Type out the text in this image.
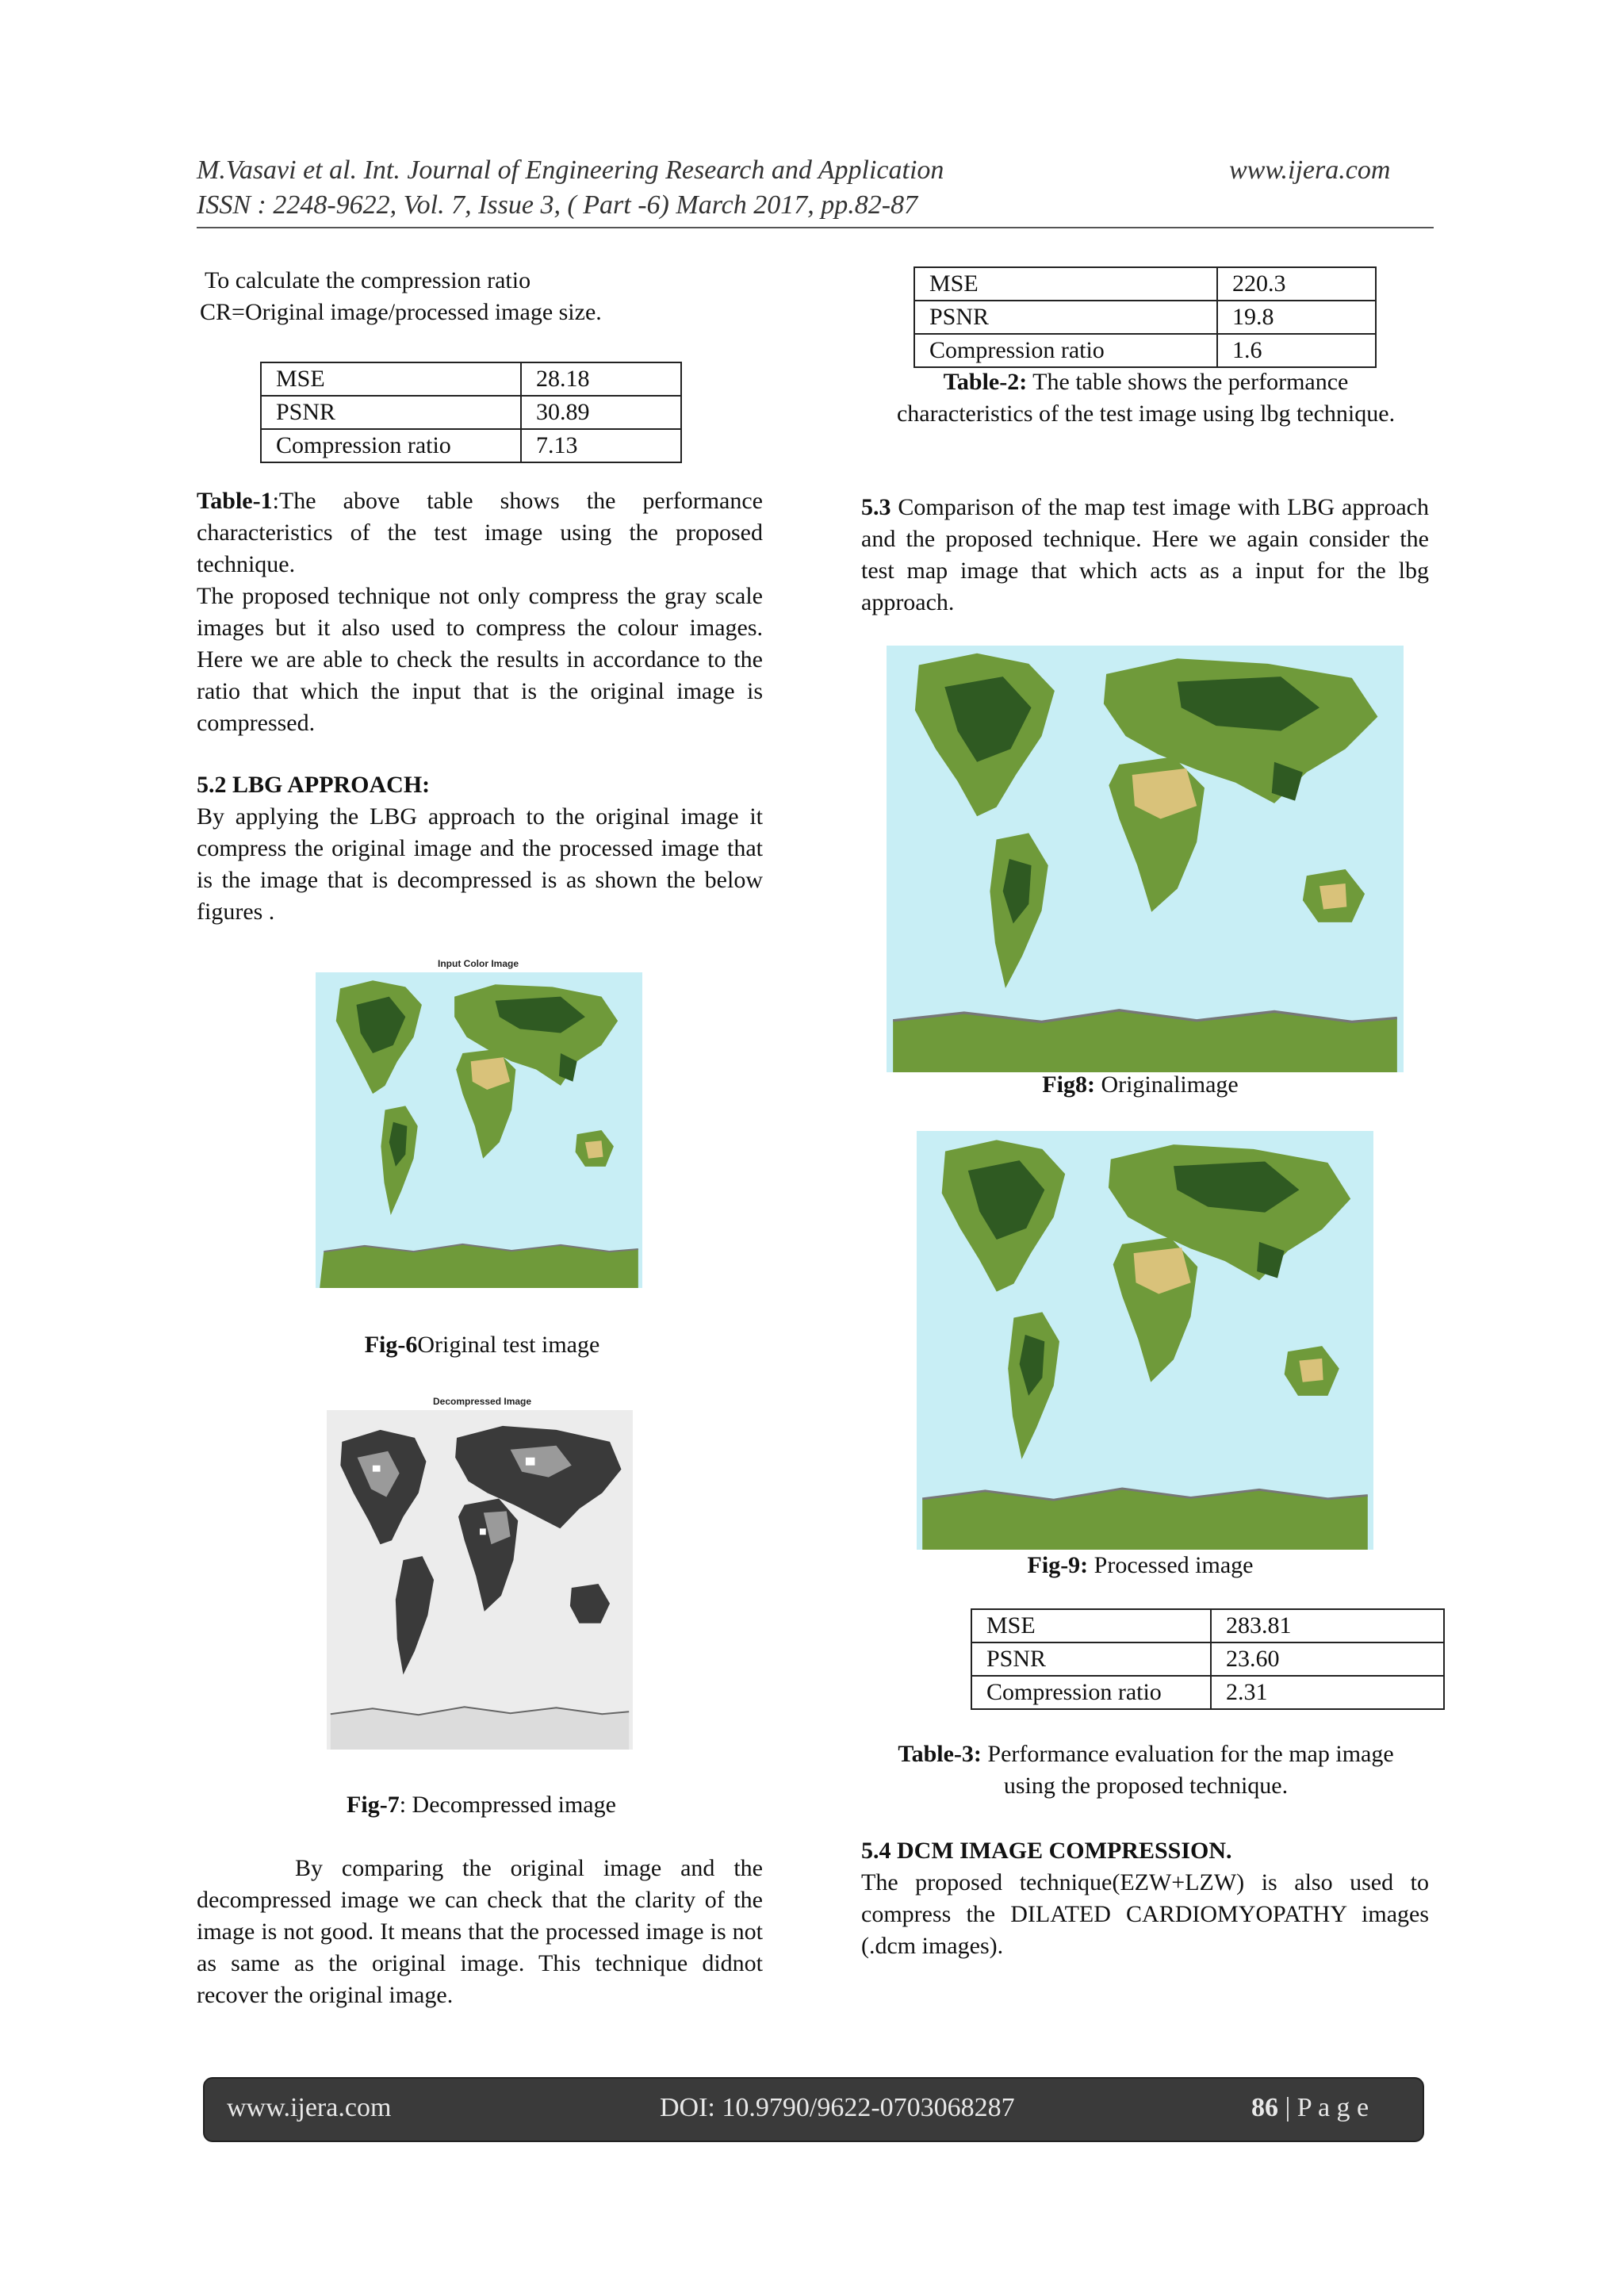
M.Vasavi et al. Int. Journal of Engineering Research and Application	www.ijera.com
ISSN : 2248-9622, Vol. 7, Issue 3, ( Part -6) March 2017, pp.82-87

To calculate the compression ratio

CR=Original image/processed image size.

MSE	28.18
PSNR	30.89
Compression ratio	7.13

Table-1:The above table shows the performance characteristics of the test image using the proposed technique.

The proposed technique not only compress the gray scale images but it also used to compress the colour images. Here we are able to check the results in accordance to the ratio that which the input that is the original image is compressed.

5.2 LBG APPROACH:

By applying the LBG approach to the original image it compress the original image and the processed image that is the image that is decompressed is as shown the below figures .

Input Color Image
Fig-6Original test image
Decompressed Image
Fig-7: Decompressed image

By comparing the original image and the decompressed image we can check that the clarity of the image is not good. It means that the processed image is not as same as the original image. This technique didnot recover the original image.

MSE	220.3
PSNR	19.8
Compression ratio	1.6
Table-2: The table shows the performance characteristics of the test image using lbg technique.

5.3 Comparison of the map test image with LBG approach and the proposed technique. Here we again consider the test map image that which acts as a input for the lbg approach.

Fig8: Originalimage
Fig-9: Processed image
MSE	283.81
PSNR	23.60
Compression ratio	2.31
Table-3: Performance evaluation for the map image using the proposed technique.

5.4 DCM IMAGE COMPRESSION.

The proposed technique(EZW+LZW) is also used to compress the DILATED CARDIOMYOPATHY images (.dcm images).

www.ijera.com	DOI: 10.9790/9622-0703068287	86 | P a g e
